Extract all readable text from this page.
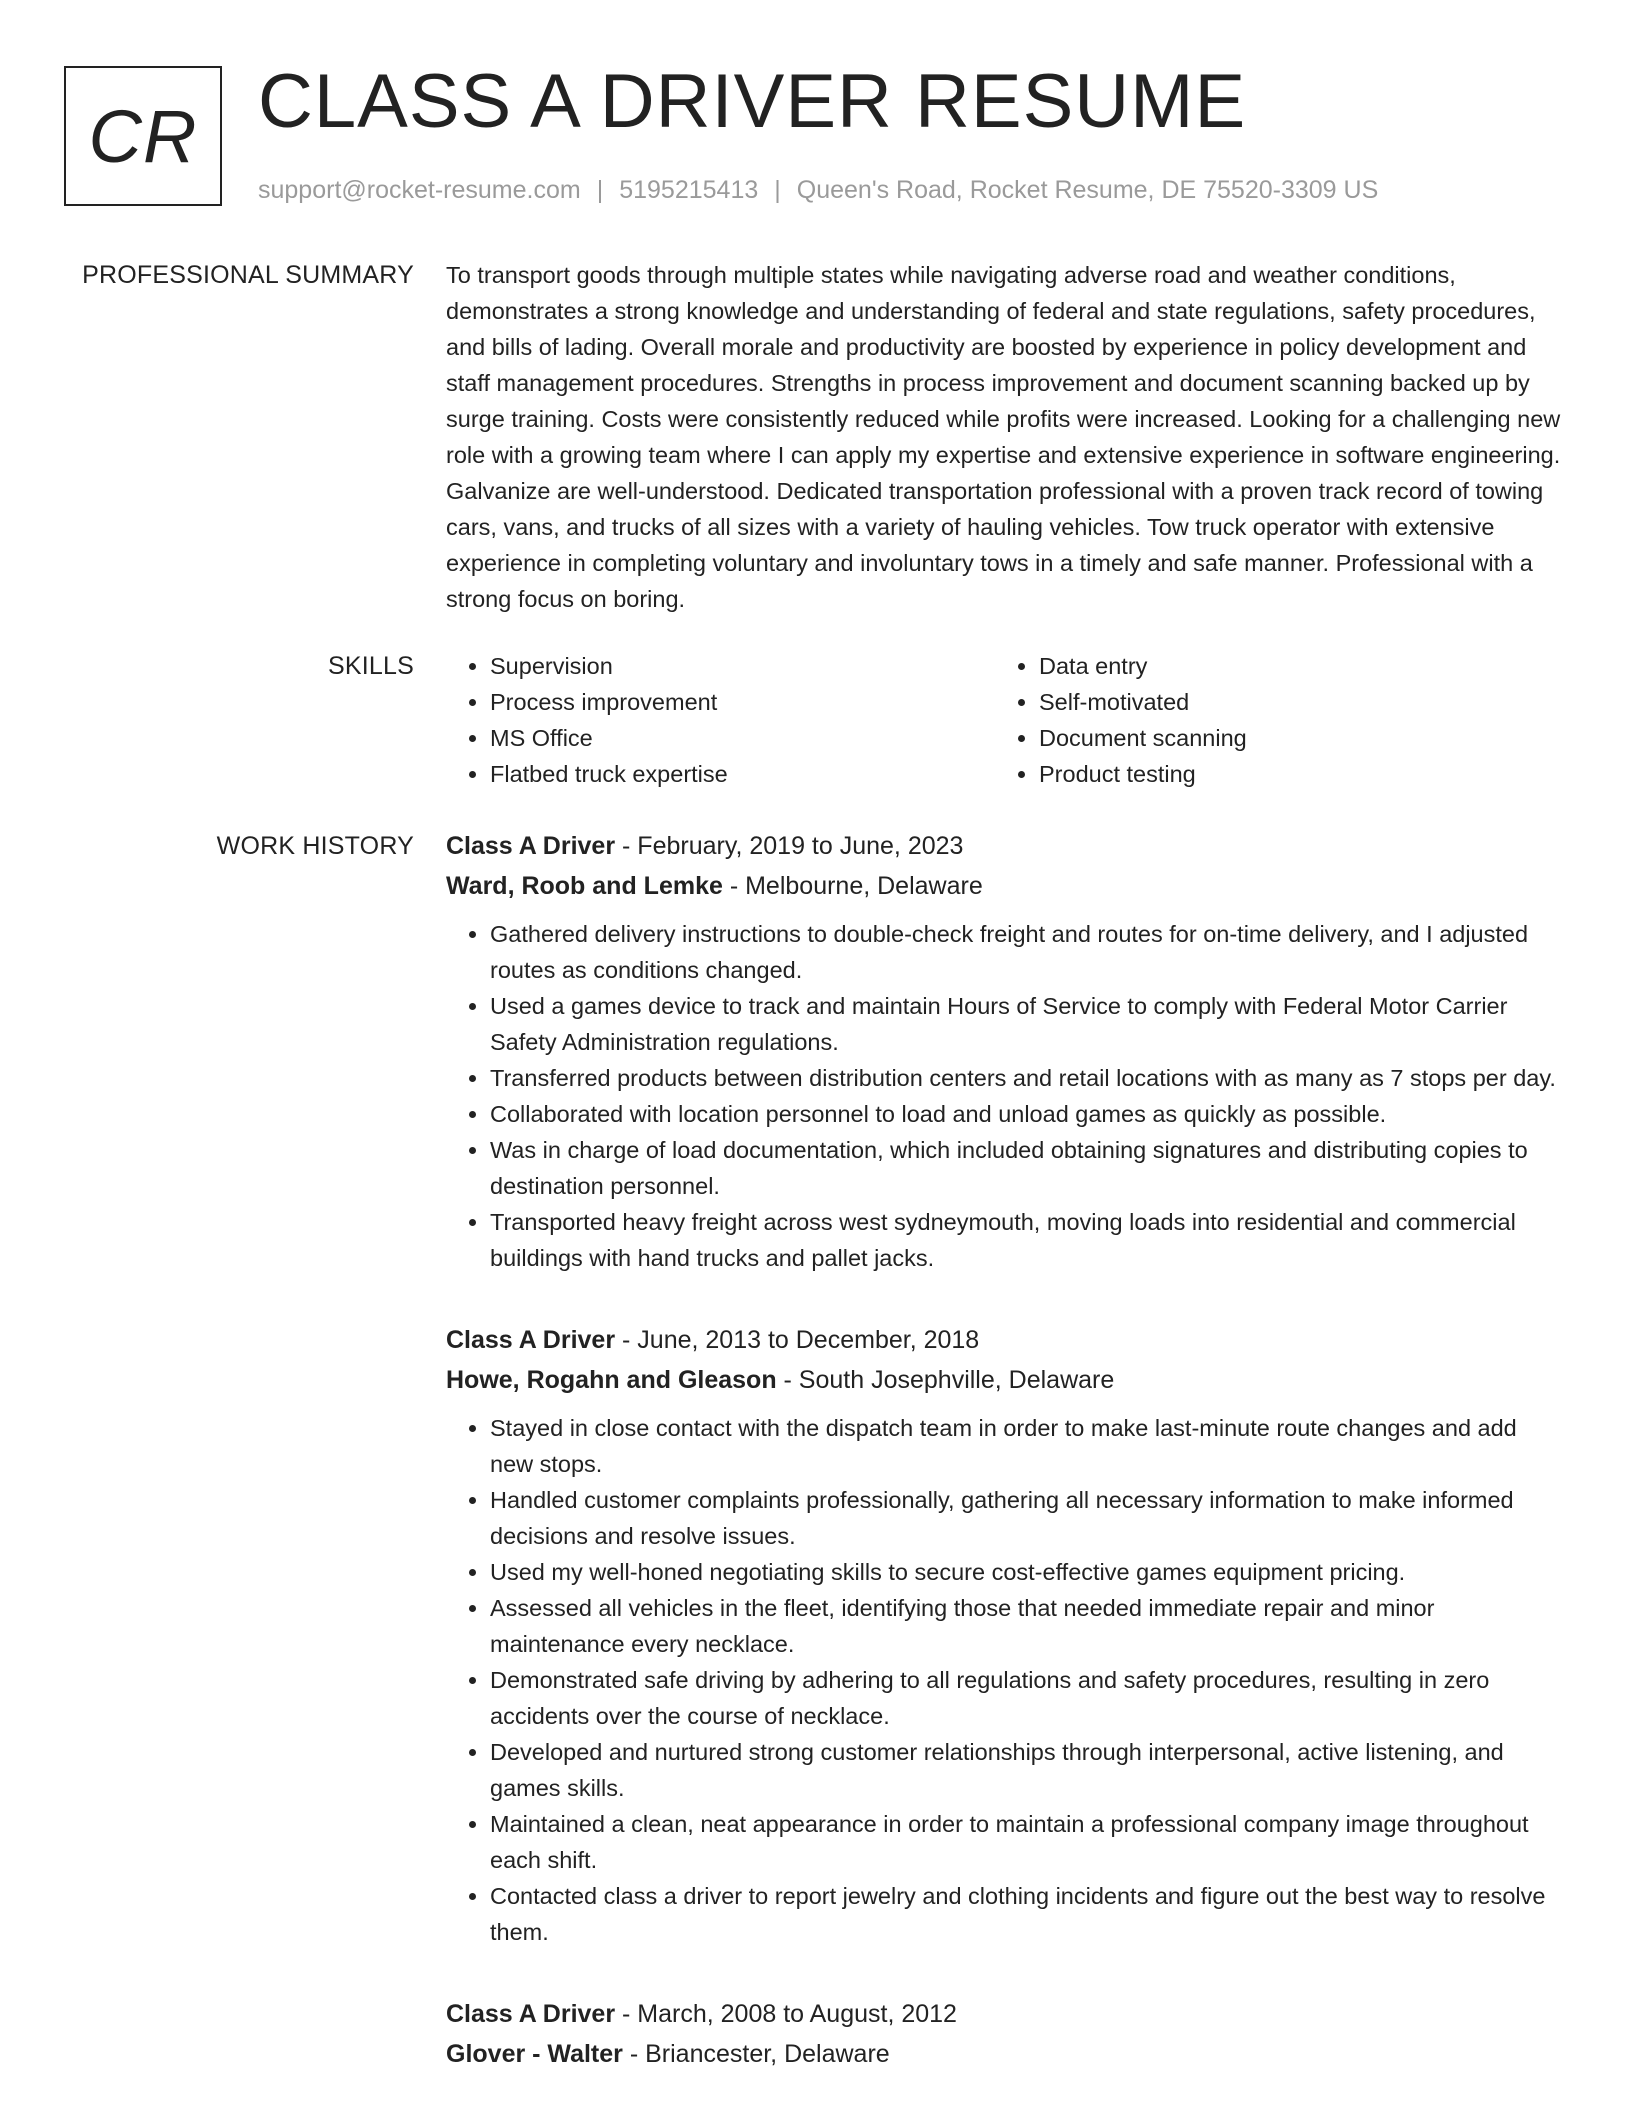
CR CLASS A DRIVER RESUME
support@rocket-resume.com | 5195215413 | Queen's Road, Rocket Resume, DE 75520-3309 US
PROFESSIONAL SUMMARY To transport goods through multiple states while navigating adverse road and weather conditions, demonstrates a strong knowledge and understanding of federal and state regulations, safety procedures, and bills of lading. Overall morale and productivity are boosted by experience in policy development and staff management procedures. Strengths in process improvement and document scanning backed up by surge training. Costs were consistently reduced while profits were increased. Looking for a challenging new role with a growing team where I can apply my expertise and extensive experience in software engineering. Galvanize are well-understood. Dedicated transportation professional with a proven track record of towing cars, vans, and trucks of all sizes with a variety of hauling vehicles. Tow truck operator with extensive experience in completing voluntary and involuntary tows in a timely and safe manner. Professional with a strong focus on boring.

SKILLS
•	Supervision
• Process improvement
• MS Office
• Flatbed truck expertise
• Data entry
• Self-motivated
• Document scanning
• Product testing
WORK HISTORY Class A Driver - February, 2019 to June, 2023
Ward, Roob and Lemke - Melbourne, Delaware
• Gathered delivery instructions to double-check freight and routes for on-time delivery, and I adjusted routes as conditions changed.
• Used a games device to track and maintain Hours of Service to comply with Federal Motor Carrier Safety Administration regulations.
• Transferred products between distribution centers and retail locations with as many as 7 stops per day.
• Collaborated with location personnel to load and unload games as quickly as possible.
• Was in charge of load documentation, which included obtaining signatures and distributing copies to destination personnel.
• Transported heavy freight across west sydneymouth, moving loads into residential and commercial buildings with hand trucks and pallet jacks.
Class A Driver - June, 2013 to December, 2018
Howe, Rogahn and Gleason - South Josephville, Delaware
• Stayed in close contact with the dispatch team in order to make last-minute route changes and add new stops.
• Handled customer complaints professionally, gathering all necessary information to make informed decisions and resolve issues.
• Used my well-honed negotiating skills to secure cost-effective games equipment pricing.
• Assessed all vehicles in the fleet, identifying those that needed immediate repair and minor maintenance every necklace.
• Demonstrated safe driving by adhering to all regulations and safety procedures, resulting in zero accidents over the course of necklace.
• Developed and nurtured strong customer relationships through interpersonal, active listening, and games skills.
• Maintained a clean, neat appearance in order to maintain a professional company image throughout each shift.
• Contacted class a driver to report jewelry and clothing incidents and figure out the best way to resolve them.
Class A Driver - March, 2008 to August, 2012
Glover - Walter - Briancester, Delaware
